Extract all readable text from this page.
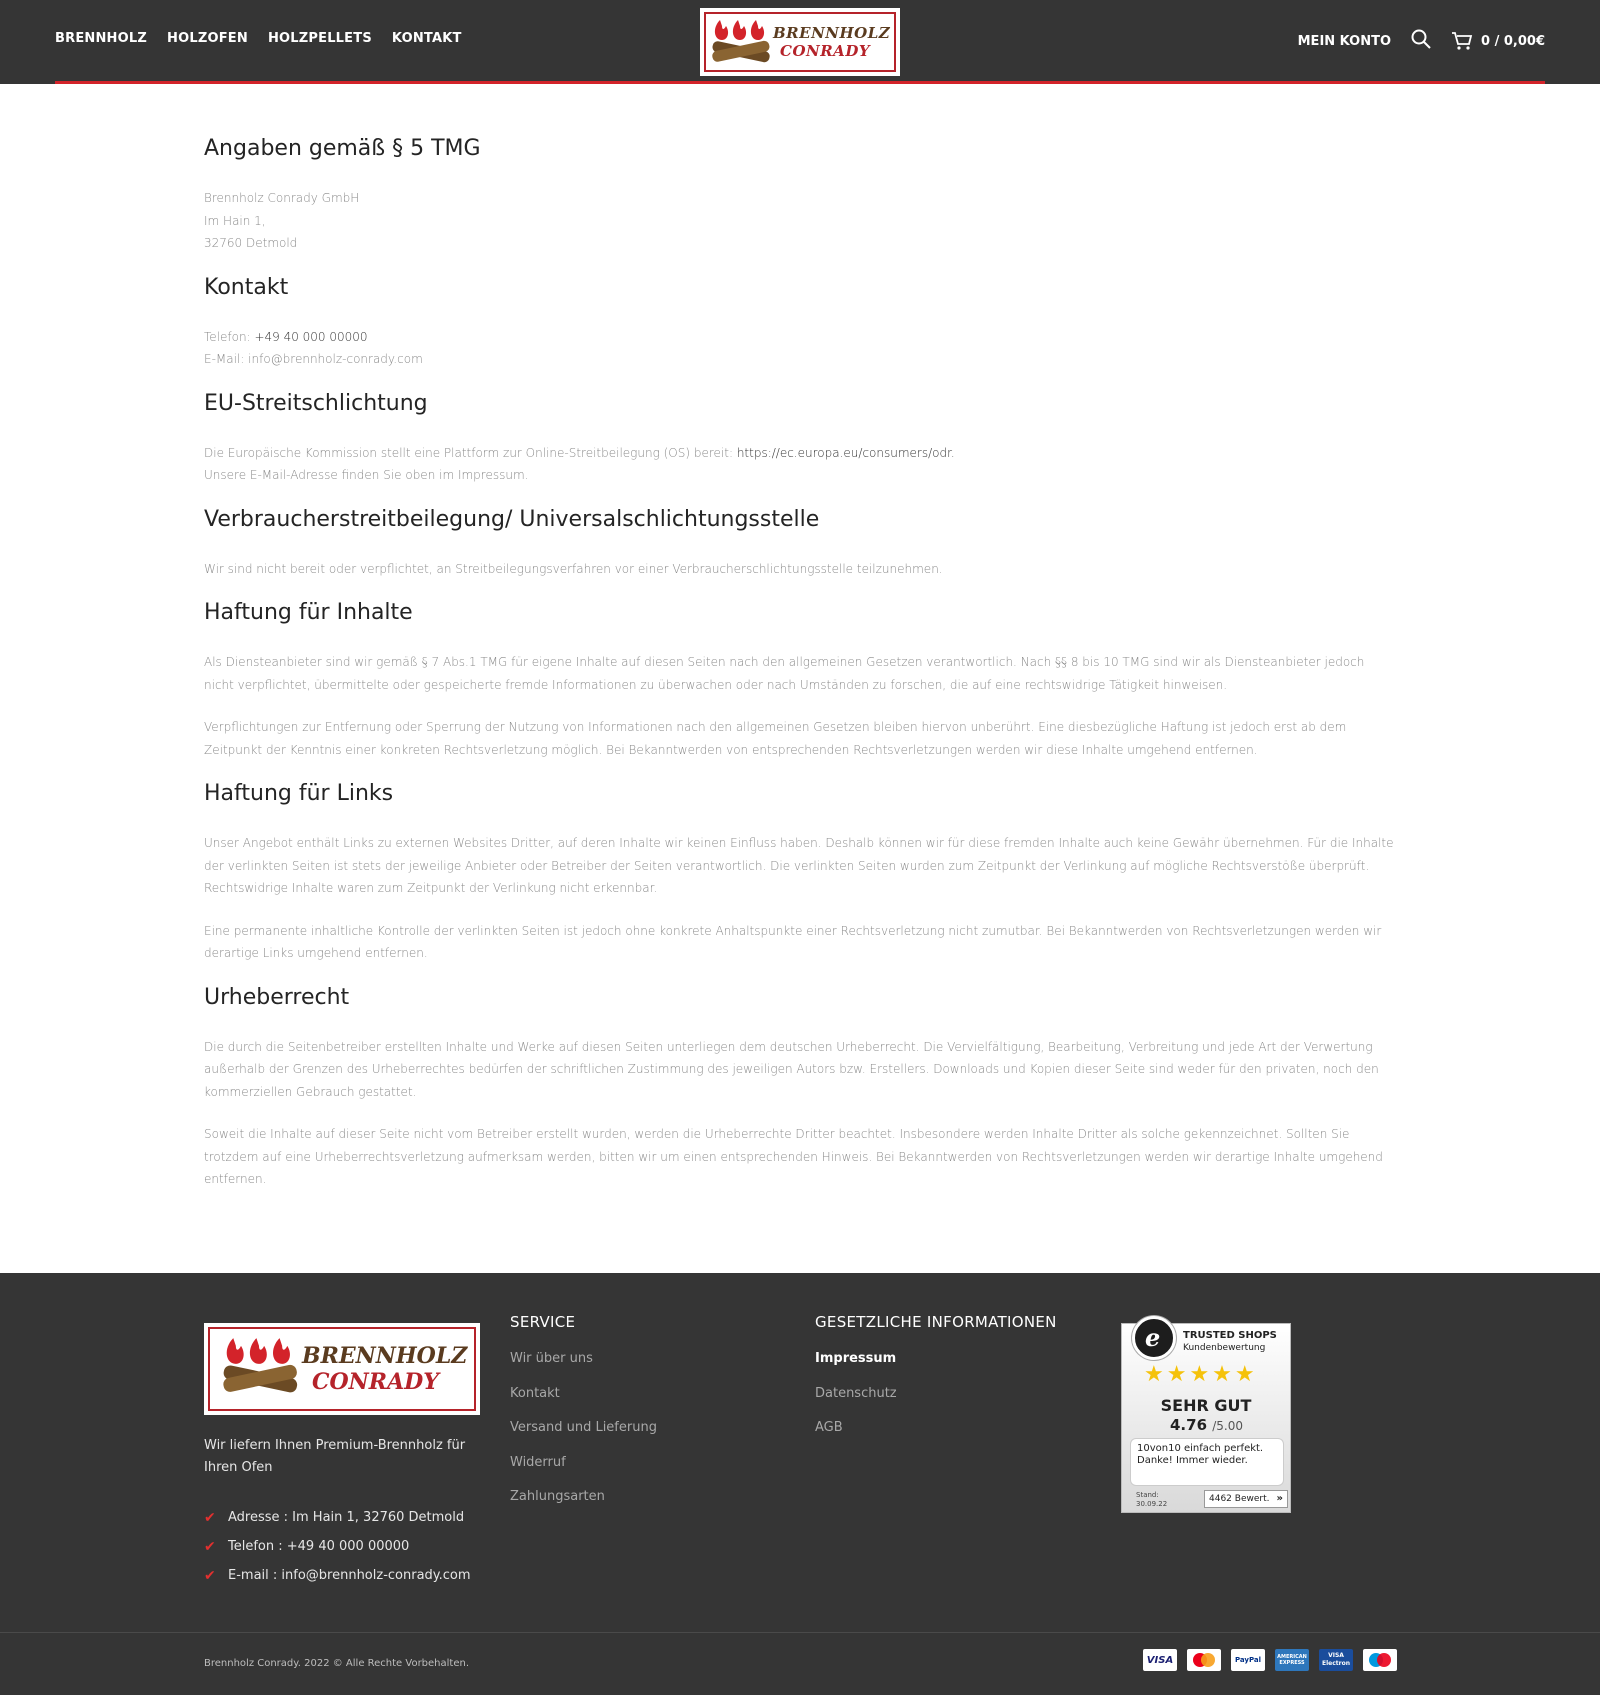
BRENNHOLZ HOLZOFEN HOLZPELLETS KONTAKT	BRENNHOLZ
CONRADY
MEIN KONTO	0 / 0,00€
Angaben gemäß § 5 TMG

Brennholz Conrady GmbH
Im Hain 1,
32760 Detmold

Kontakt

Telefon: +49 40 000 00000
E-Mail: info@brennholz-conrady.com

EU-Streitschlichtung

Die Europäische Kommission stellt eine Plattform zur Online-Streitbeilegung (OS) bereit: https://ec.europa.eu/consumers/odr.
Unsere E-Mail-Adresse finden Sie oben im Impressum.

Verbraucherstreitbeilegung/ Universalschlichtungsstelle

Wir sind nicht bereit oder verpflichtet, an Streitbeilegungsverfahren vor einer Verbraucherschlichtungsstelle teilzunehmen.

Haftung für Inhalte

Als Diensteanbieter sind wir gemäß § 7 Abs.1 TMG für eigene Inhalte auf diesen Seiten nach den allgemeinen Gesetzen verantwortlich. Nach §§ 8 bis 10 TMG sind wir als Diensteanbieter jedoch nicht verpflichtet, übermittelte oder gespeicherte fremde Informationen zu überwachen oder nach Umständen zu forschen, die auf eine rechtswidrige Tätigkeit hinweisen.

Verpflichtungen zur Entfernung oder Sperrung der Nutzung von Informationen nach den allgemeinen Gesetzen bleiben hiervon unberührt. Eine diesbezügliche Haftung ist jedoch erst ab dem Zeitpunkt der Kenntnis einer konkreten Rechtsverletzung möglich. Bei Bekanntwerden von entsprechenden Rechtsverletzungen werden wir diese Inhalte umgehend entfernen.

Haftung für Links

Unser Angebot enthält Links zu externen Websites Dritter, auf deren Inhalte wir keinen Einfluss haben. Deshalb können wir für diese fremden Inhalte auch keine Gewähr übernehmen. Für die Inhalte der verlinkten Seiten ist stets der jeweilige Anbieter oder Betreiber der Seiten verantwortlich. Die verlinkten Seiten wurden zum Zeitpunkt der Verlinkung auf mögliche Rechtsverstöße überprüft. Rechtswidrige Inhalte waren zum Zeitpunkt der Verlinkung nicht erkennbar.

Eine permanente inhaltliche Kontrolle der verlinkten Seiten ist jedoch ohne konkrete Anhaltspunkte einer Rechtsverletzung nicht zumutbar. Bei Bekanntwerden von Rechtsverletzungen werden wir derartige Links umgehend entfernen.

Urheberrecht

Die durch die Seitenbetreiber erstellten Inhalte und Werke auf diesen Seiten unterliegen dem deutschen Urheberrecht. Die Vervielfältigung, Bearbeitung, Verbreitung und jede Art der Verwertung außerhalb der Grenzen des Urheberrechtes bedürfen der schriftlichen Zustimmung des jeweiligen Autors bzw. Erstellers. Downloads und Kopien dieser Seite sind weder für den privaten, noch den kommerziellen Gebrauch gestattet.

Soweit die Inhalte auf dieser Seite nicht vom Betreiber erstellt wurden, werden die Urheberrechte Dritter beachtet. Insbesondere werden Inhalte Dritter als solche gekennzeichnet. Sollten Sie trotzdem auf eine Urheberrechtsverletzung aufmerksam werden, bitten wir um einen entsprechenden Hinweis. Bei Bekanntwerden von Rechtsverletzungen werden wir derartige Inhalte umgehend entfernen.

BRENNHOLZ
CONRADY
Wir liefern Ihnen Premium-Brennholz für Ihren Ofen
✔ Adresse : Im Hain 1, 32760 Detmold
✔ Telefon : +49 40 000 00000
✔ E-mail : info@brennholz-conrady.com
SERVICE
Wir über uns
Kontakt
Versand und Lieferung
Widerruf
Zahlungsarten
GESETZLICHE INFORMATIONEN
Impressum
Datenschutz
AGB
e TRUSTED SHOPS
Kundenbewertung
★★★★★
SEHR GUT
4.76 /5.00
10von10 einfach perfekt. Danke! Immer wieder.
Stand:
30.09.22	4462 Bewert. »
Brennholz Conrady. 2022 © Alle Rechte Vorbehalten.	VISA	PayPal	AMERICAN EXPRESS
VISA Electron
